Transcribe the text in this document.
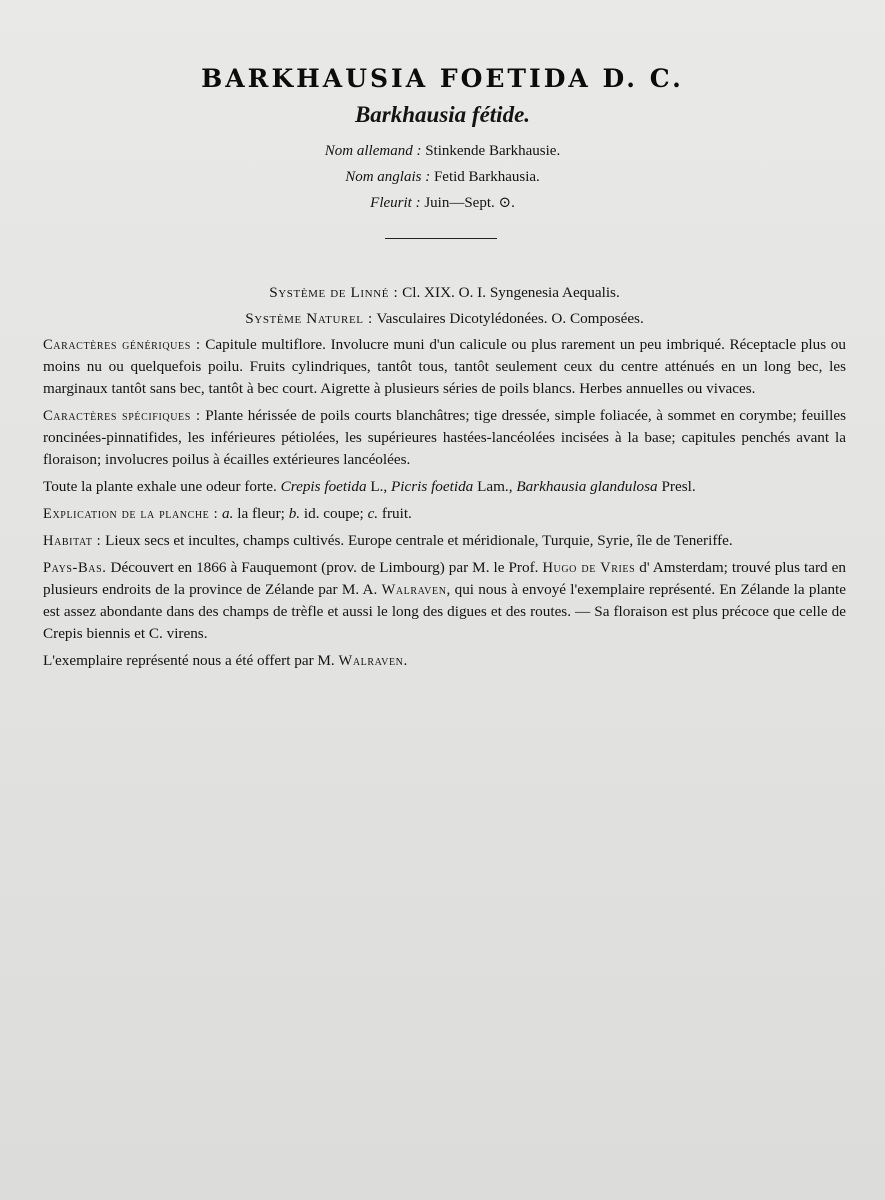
BARKHAUSIA FOETIDA D. C.
Barkhausia fétide.
Nom allemand : Stinkende Barkhausie.
Nom anglais : Fetid Barkhausia.
Fleurit : Juin—Sept. ⊙.

Système de Linné : Cl. XIX. O. I. Syngenesia Aequalis.

Système Naturel : Vasculaires Dicotylédonées. O. Composées.

Caractères génériques : Capitule multiflore. Involucre muni d'un calicule ou plus rarement un peu imbriqué. Réceptacle plus ou moins nu ou quelquefois poilu. Fruits cylindriques, tantôt tous, tantôt seulement ceux du centre atténués en un long bec, les marginaux tantôt sans bec, tantôt à bec court. Aigrette à plusieurs séries de poils blancs. Herbes annuelles ou vivaces.

Caractères spécifiques : Plante hérissée de poils courts blanchâtres; tige dressée, simple foliacée, à sommet en corymbe; feuilles roncinées-pinnatifides, les inférieures pétiolées, les supérieures hastées-lancéolées incisées à la base; capitules penchés avant la floraison; involucres poilus à écailles extérieures lancéolées.

Toute la plante exhale une odeur forte. Crepis foetida L., Picris foetida Lam., Barkhausia glandulosa Presl.

Explication de la planche : a. la fleur; b. id. coupe; c. fruit.

Habitat : Lieux secs et incultes, champs cultivés. Europe centrale et méridionale, Turquie, Syrie, île de Teneriffe.

Pays-Bas. Découvert en 1866 à Fauquemont (prov. de Limbourg) par M. le Prof. Hugo de Vries d' Amsterdam; trouvé plus tard en plusieurs endroits de la province de Zélande par M. A. Walraven, qui nous à envoyé l'exemplaire représenté. En Zélande la plante est assez abondante dans des champs de trèfle et aussi le long des digues et des routes. — Sa floraison est plus précoce que celle de Crepis biennis et C. virens.

L'exemplaire représenté nous a été offert par M. Walraven.
